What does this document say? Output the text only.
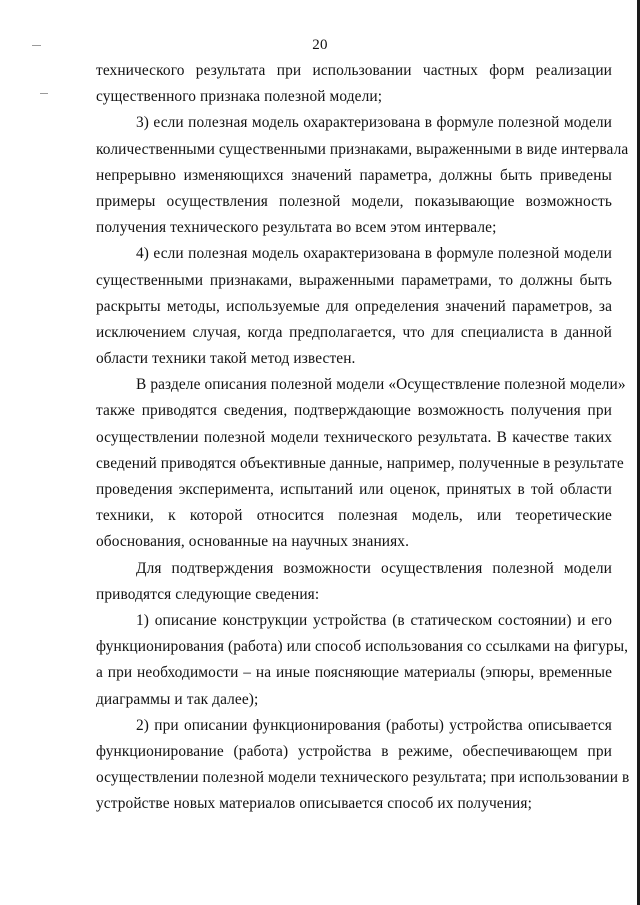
20
технического результата при использовании частных форм реализации
существенного признака полезной модели;
3) если полезная модель охарактеризована в формуле полезной модели
количественными существенными признаками, выраженными в виде интервала
непрерывно изменяющихся значений параметра, должны быть приведены
примеры осуществления полезной модели, показывающие возможность
получения технического результата во всем этом интервале;
4) если полезная модель охарактеризована в формуле полезной модели
существенными признаками, выраженными параметрами, то должны быть
раскрыты методы, используемые для определения значений параметров, за
исключением случая, когда предполагается, что для специалиста в данной
области техники такой метод известен.
В разделе описания полезной модели «Осуществление полезной модели»
также приводятся сведения, подтверждающие возможность получения при
осуществлении полезной модели технического результата. В качестве таких
сведений приводятся объективные данные, например, полученные в результате
проведения эксперимента, испытаний или оценок, принятых в той области
техники, к которой относится полезная модель, или теоретические
обоснования, основанные на научных знаниях.
Для подтверждения возможности осуществления полезной модели
приводятся следующие сведения:
1) описание конструкции устройства (в статическом состоянии) и его
функционирования (работа) или способ использования со ссылками на фигуры,
а при необходимости – на иные поясняющие материалы (эпюры, временные
диаграммы и так далее);
2) при описании функционирования (работы) устройства описывается
функционирование (работа) устройства в режиме, обеспечивающем при
осуществлении полезной модели технического результата; при использовании в
устройстве новых материалов описывается способ их получения;
